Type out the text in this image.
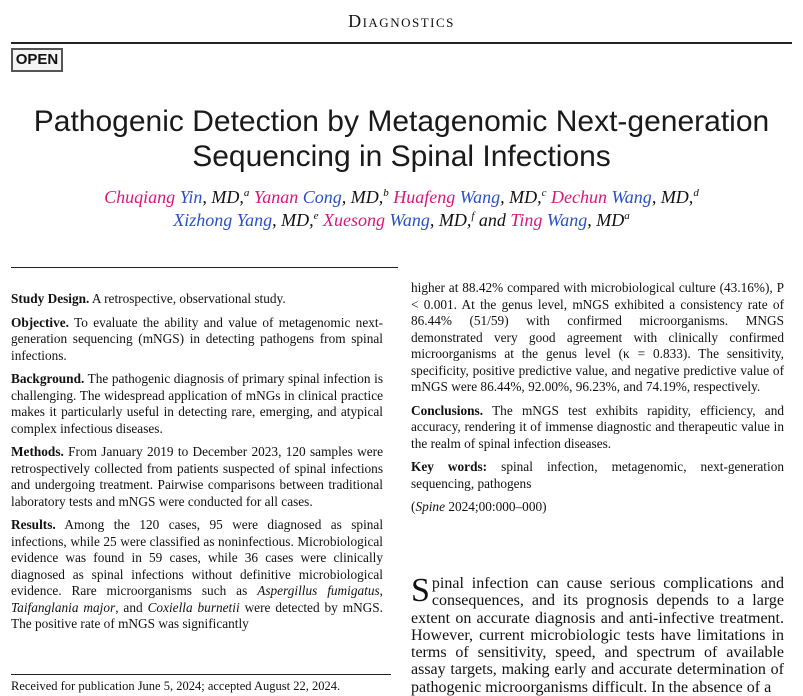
Diagnostics
OPEN
Pathogenic Detection by Metagenomic Next-generation
Sequencing in Spinal Infections
Chuqiang Yin, MD,$^a$ Yanan Cong, MD,$^b$ Huafeng Wang, MD,$^c$ Dechun Wang, MD,$^d$
Xizhong Yang, MD,$^e$ Xuesong Wang, MD,$^f$ and Ting Wang, $MD^a$

Study Design. A retrospective, observational study.

Objective. To evaluate the ability and value of metagenomic next-generation sequencing (mNGS) in detecting pathogens from spinal infections.

Background. The pathogenic diagnosis of primary spinal infection is challenging. The widespread application of mNGs in clinical practice makes it particularly useful in detecting rare, emerging, and atypical complex infectious diseases.

Methods. From January 2019 to December 2023, 120 samples were retrospectively collected from patients suspected of spinal infections and undergoing treatment. Pairwise comparisons between traditional laboratory tests and mNGS were conducted for all cases.

Results. Among the 120 cases, 95 were diagnosed as spinal infections, while 25 were classified as noninfectious. Microbiological evidence was found in 59 cases, while 36 cases were clinically diagnosed as spinal infections without definitive microbiological evidence. Rare microorganisms such as Aspergillus fumigatus, Taifanglania major, and Coxiella burnetii were detected by mNGS. The positive rate of mNGS was significantly

higher at 88.42% compared with microbiological culture (43.16%), P < 0.001. At the genus level, mNGS exhibited a consistency rate of 86.44% (51/59) with confirmed microorganisms. MNGS demonstrated very good agreement with clinically confirmed microorganisms at the genus level (κ = 0.833). The sensitivity, specificity, positive predictive value, and negative predictive value of mNGS were 86.44%, 92.00%, 96.23%, and 74.19%, respectively.

Conclusions. The mNGS test exhibits rapidity, efficiency, and accuracy, rendering it of immense diagnostic and therapeutic value in the realm of spinal infection diseases.

Key words: spinal infection, metagenomic, next-generation sequencing, pathogens

(Spine 2024;00:000–000)

Spinal infection can cause serious complications and consequences, and its prognosis depends to a large extent on accurate diagnosis and anti-infective treatment. However, current microbiologic tests have limitations in terms of sensitivity, speed, and spectrum of available assay targets, making early and accurate determination of pathogenic microorganisms difficult. In the absence of a
Received for publication June 5, 2024; accepted August 22, 2024.
